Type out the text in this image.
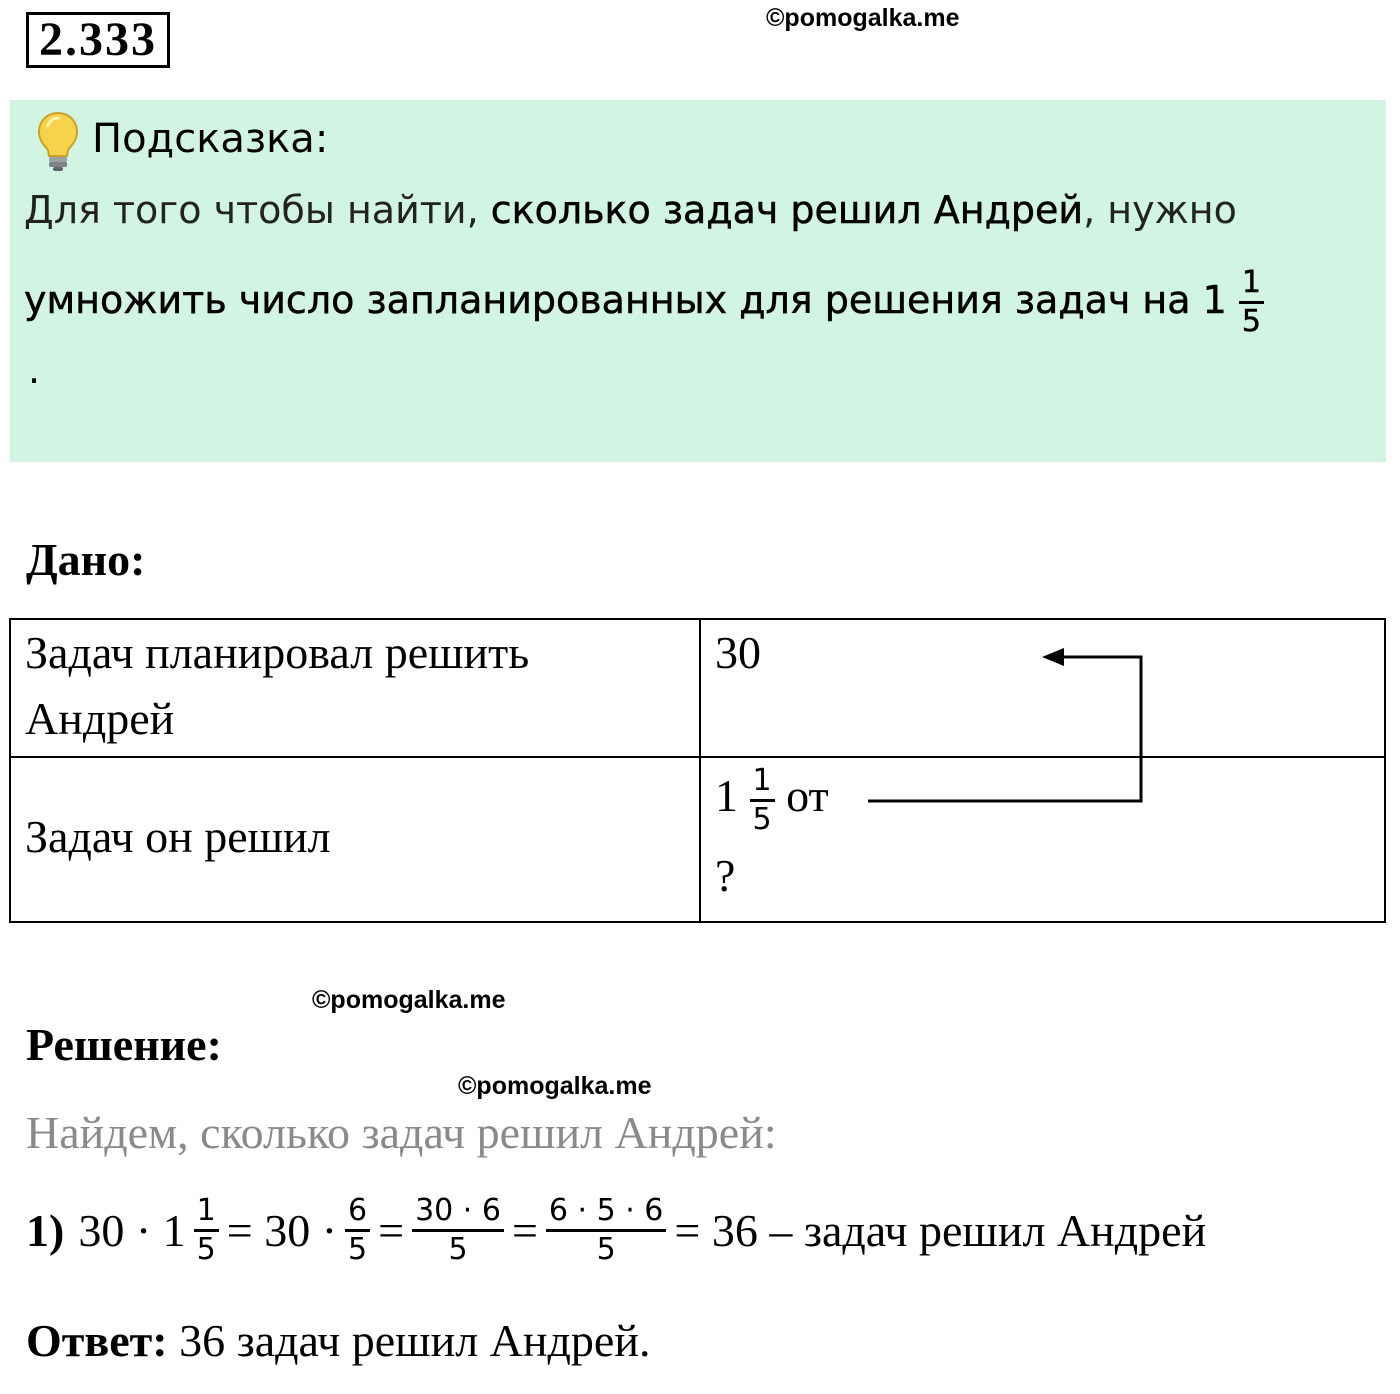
2.333	©pomogalka.me
Подсказка:
Для того чтобы найти, сколько задач решил Андрей, нужно
умножить число запланированных для решения задач на $1 \frac{1}{5}$
.
Дано:
Задач планировал решить Андрей	30

Задач он решил	$1 \frac{1}{5}$ от
?
©pomogalka.me
Решение:
©pomogalka.me
Найдем, сколько задач решил Андрей:
1) $30 \cdot 1 \frac{1}{5} = 30 \cdot \frac{6}{5} = \frac{30 \cdot 6}{5} = \frac{6 \cdot 5 \cdot 6}{5} = 36$ – задач решил Андрей
Ответ: 36 задач решил Андрей.
